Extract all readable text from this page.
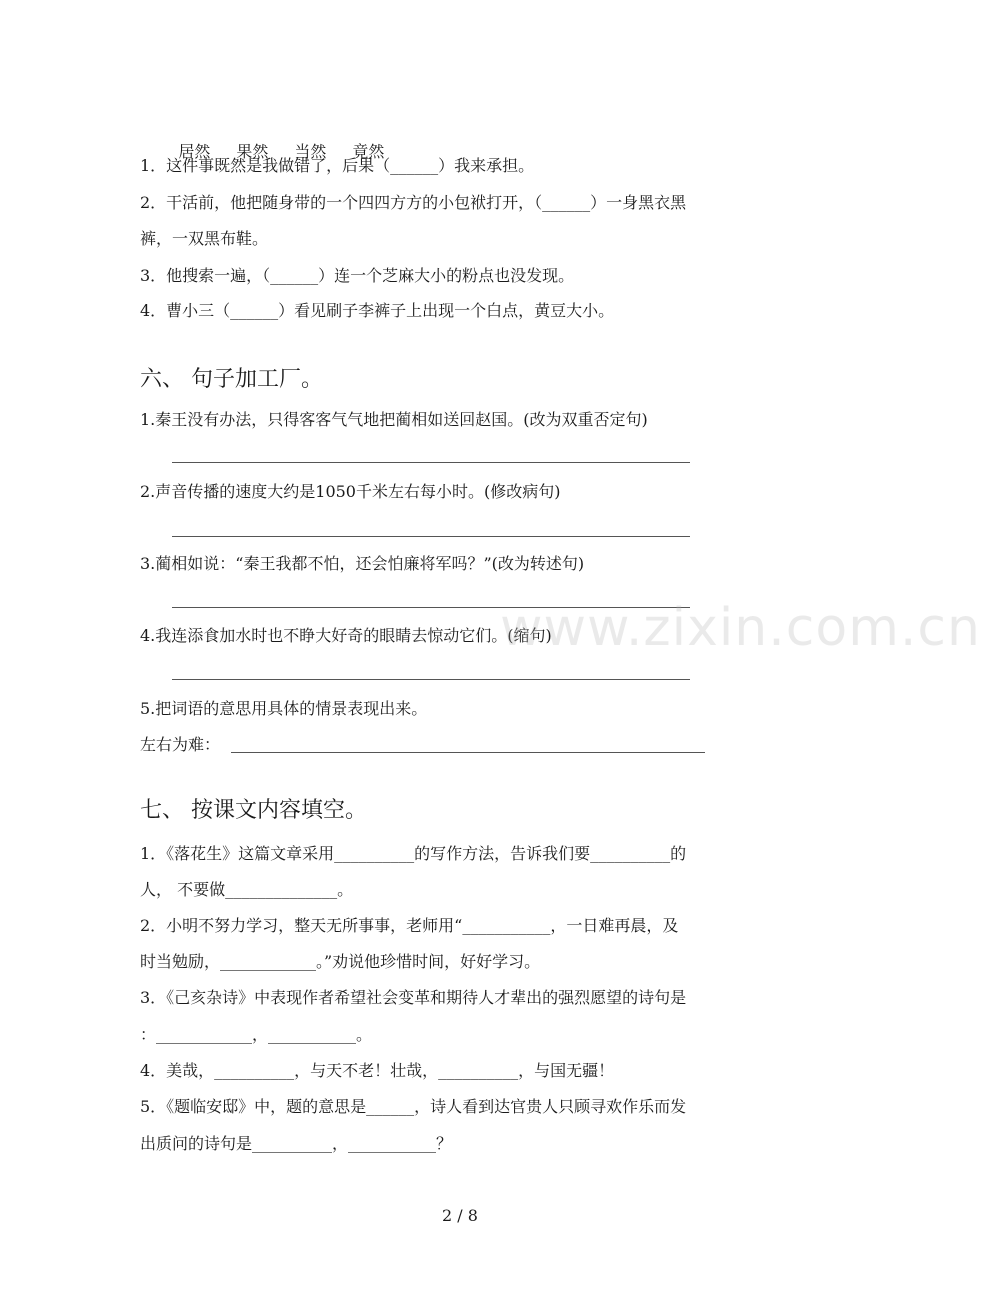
居然 果然 当然 竟然

1．这件事既然是我做错了，后果（______）我来承担。
2．干活前，他把随身带的一个四四方方的小包袱打开，（______）一身黑衣黑
裤，一双黑布鞋。
3．他搜索一遍，（______）连一个芝麻大小的粉点也没发现。
4．曹小三（______）看见刷子李裤子上出现一个白点，黄豆大小。
六、 句子加工厂。
1.秦王没有办法，只得客客气气地把蔺相如送回赵国。(改为双重否定句)
2.声音传播的速度大约是1050千米左右每小时。(修改病句)
3.蔺相如说：“秦王我都不怕，还会怕廉将军吗？”(改为转述句)
4.我连添食加水时也不睁大好奇的眼睛去惊动它们。(缩句)
5.把词语的意思用具体的情景表现出来。
左右为难：
七、 按课文内容填空。
1．《落花生》这篇文章采用__________的写作方法，告诉我们要__________的
人， 不要做______________。
2．小明不努力学习，整天无所事事，老师用“___________，一日难再晨，及
时当勉励，____________。”劝说他珍惜时间，好好学习。
3．《己亥杂诗》中表现作者希望社会变革和期待人才辈出的强烈愿望的诗句是
：____________，___________。
4．美哉，__________，与天不老！壮哉，__________，与国无疆！
5．《题临安邸》中，题的意思是______，诗人看到达官贵人只顾寻欢作乐而发
出质问的诗句是__________，___________？
www.zixin.com.cn
2 / 8
